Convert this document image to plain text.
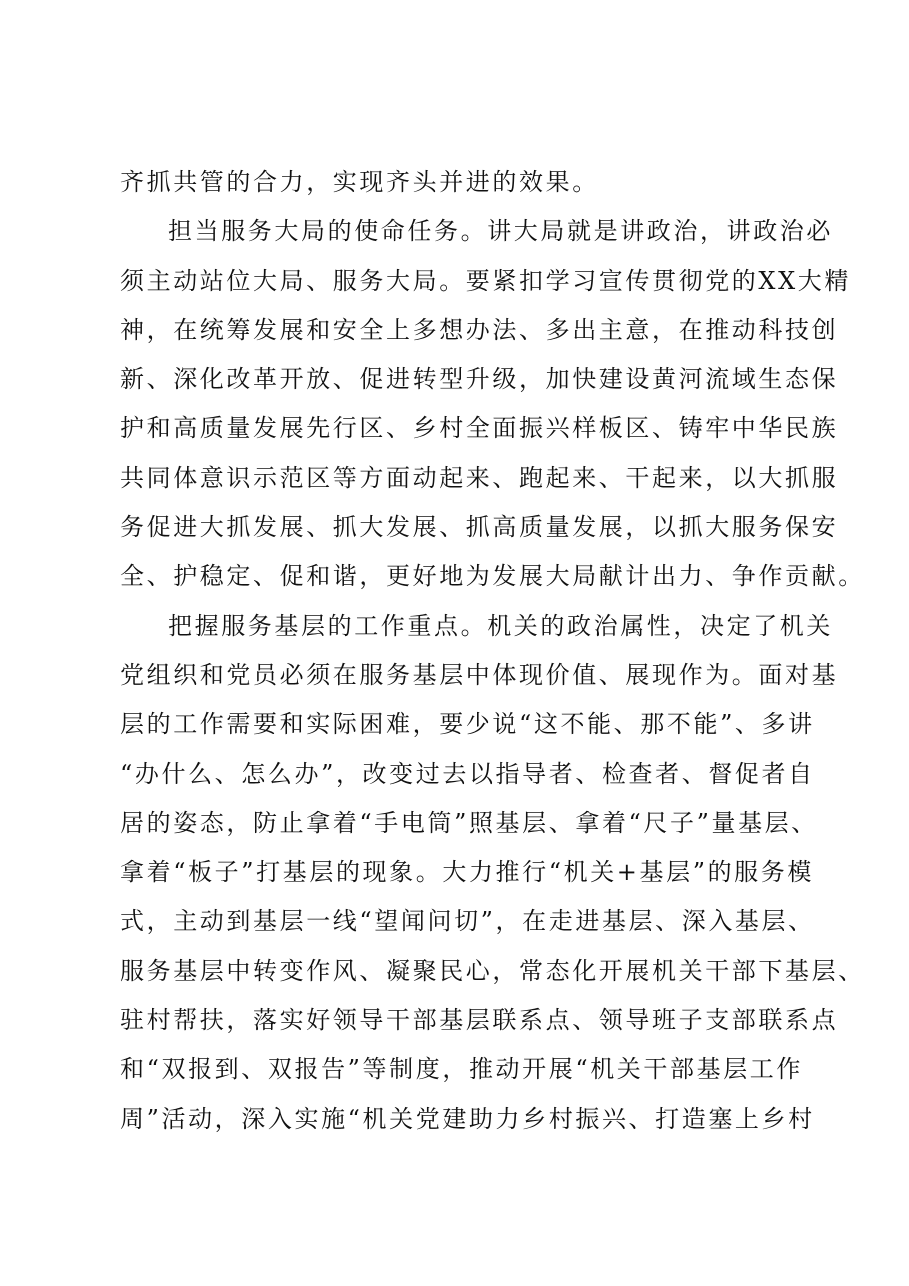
齐抓共管的合力，实现齐头并进的效果。
担当服务大局的使命任务。讲大局就是讲政治，讲政治必
须主动站位大局、服务大局。要紧扣学习宣传贯彻党的XX大精
神，在统筹发展和安全上多想办法、多出主意，在推动科技创
新、深化改革开放、促进转型升级，加快建设黄河流域生态保
护和高质量发展先行区、乡村全面振兴样板区、铸牢中华民族
共同体意识示范区等方面动起来、跑起来、干起来，以大抓服
务促进大抓发展、抓大发展、抓高质量发展，以抓大服务保安
全、护稳定、促和谐，更好地为发展大局献计出力、争作贡献。
把握服务基层的工作重点。机关的政治属性，决定了机关
党组织和党员必须在服务基层中体现价值、展现作为。面对基
层的工作需要和实际困难，要少说“这不能、那不能”、多讲
“办什么、怎么办”，改变过去以指导者、检查者、督促者自
居的姿态，防止拿着“手电筒”照基层、拿着“尺子”量基层、
拿着“板子”打基层的现象。大力推行“机关+基层”的服务模
式，主动到基层一线“望闻问切”，在走进基层、深入基层、
服务基层中转变作风、凝聚民心，常态化开展机关干部下基层、
驻村帮扶，落实好领导干部基层联系点、领导班子支部联系点
和“双报到、双报告”等制度，推动开展“机关干部基层工作
周”活动，深入实施“机关党建助力乡村振兴、打造塞上乡村
